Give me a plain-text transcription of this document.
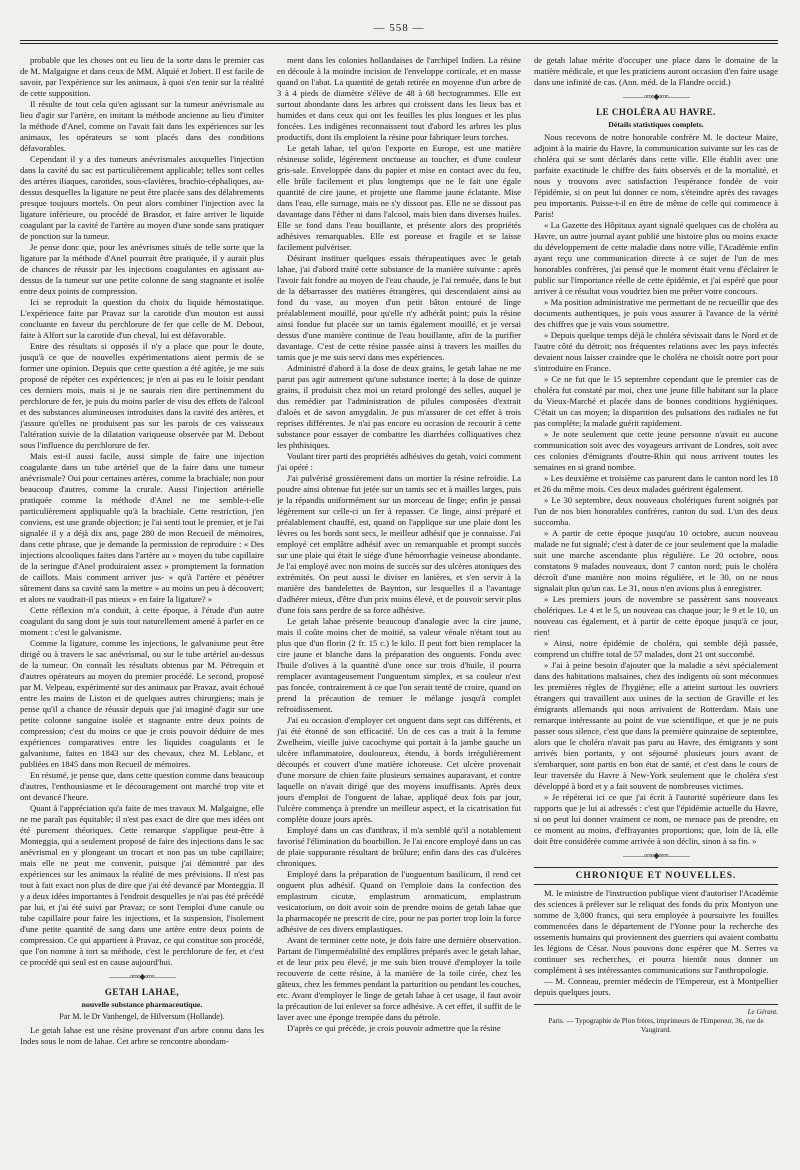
— 558 —

probable que les choses ont eu lieu de la sorte dans le premier cas de M. Malgaigne et dans ceux de MM. Alquié et Jobert. Il est facile de savoir, par l'expérience sur les animaux, à quoi s'en tenir sur la réalité de cette supposition.

Il résulte de tout cela qu'en agissant sur la tumeur anévrismale au lieu d'agir sur l'artère, en imitant la méthode ancienne au lieu d'imiter la méthode d'Anel, comme on l'avait fait dans les expériences sur les animaux, les opérateurs se sont placés dans des conditions défavorables.

Cependant il y a des tumeurs anévrismales auxquelles l'injection dans la cavité du sac est particulièrement applicable; telles sont celles des artères iliaques, carotides, sous-clavières, brachio-céphaliques, au-dessus desquelles la ligature ne peut être placée sans des délabrements presque toujours mortels. On peut alors combiner l'injection avec la ligature inférieure, ou procédé de Brasdor, et faire arriver le liquide coagulant par la cavité de l'artère au moyen d'une sonde sans pratiquer de ponction sur la tumeur.

Je pense donc que, pour les anévrismes situés de telle sorte que la ligature par la méthode d'Anel pourrait être pratiquée, il y aurait plus de chances de réussir par les injections coagulantes en agissant au-dessus de la tumeur sur une petite colonne de sang stagnante et isolée entre deux points de compression.

Ici se reproduit la question du choix du liquide hémostatique. L'expérience faite par Pravaz sur la carotide d'un mouton est aussi concluante en faveur du perchlorure de fer que celle de M. Debout, faite à Alfort sur la carotide d'un cheval, lui est défavorable.

Entre des résultats si opposés il n'y a place que pour le doute, jusqu'à ce que de nouvelles expérimentations aient permis de se former une opinion. Depuis que cette question a été agitée, je me suis proposé de répéter ces expériences; je n'en ai pas eu le loisir pendant ces derniers mois, mais si je ne saurais rien dire pertinemment du perchlorure de fer, je puis du moins parler de visu des effets de l'alcool et des substances alumineuses introduites dans la cavité des artères, et j'assure qu'elles ne produisent pas sur les parois de ces vaisseaux l'altération suivie de la dilatation variqueuse observée par M. Debout sous l'influence du perchlorure de fer.

Mais est-il aussi facile, aussi simple de faire une injection coagulante dans un tube artériel que de la faire dans une tumeur anévrismale? Oui pour certaines artères, comme la brachiale; non pour beaucoup d'autres, comme la crurale. Aussi l'injection artérielle pratiquée comme la méthode d'Anel ne me semble-t-elle particulièrement appliquable qu'à la brachiale. Cette restriction, j'en conviens, est une grande objection; je l'ai senti tout le premier, et je l'ai signalée il y a déjà dix ans, page 280 de mon Recueil de mémoires, dans cette phrase, que je demande la permission de reproduire : « Des injections alcooliques faites dans l'artère au » moyen du tube capillaire de la seringue d'Anel produiraient assez » promptement la formation de caillots. Mais comment arriver jus- » qu'à l'artère et pénétrer sûrement dans sa cavité sans la mettre » au moins un peu à découvert; et alors ne vaudrait-il pas mieux » en faire la ligature? »

Cette réflexion m'a conduit, à cette époque, à l'étude d'un autre coagulant du sang dont je suis tout naturellement amené à parler en ce moment : c'est le galvanisme.

Comme la ligature, comme les injections, le galvanisme peut être dirigé ou à travers le sac anévrismal, ou sur le tube artériel au-dessus de la tumeur. On connaît les résultats obtenus par M. Pétrequin et d'autres opérateurs au moyen du premier procédé. Le second, proposé par M. Velpeau, expérimenté sur des animaux par Pravaz, avait échoué entre les mains de Liston et de quelques autres chirurgiens; mais je pense qu'il a chance de réussir depuis que j'ai imaginé d'agir sur une petite colonne sanguine isolée et stagnante entre deux points de compression; c'est du moins ce que je crois pouvoir déduire de mes expériences comparatives entre les liquides coagulants et le galvanisme, faites en 1843 sur des chevaux, chez M. Leblanc, et publiées en 1845 dans mon Recueil de mémoires.

En résumé, je pense que, dans cette question comme dans beaucoup d'autres, l'enthousiasme et le découragement ont marché trop vite et ont devancé l'heure.

Quant à l'appréciation qu'a faite de mes travaux M. Malgaigne, elle ne me paraît pas équitable; il n'est pas exact de dire que mes idées ont été purement théoriques. Cette remarque s'applique peut-être à Monteggia, qui a seulement proposé de faire des injections dans le sac anévrismal en y plongeant un trocart et non pas un tube capillaire; mais elle ne peut me convenir, puisque j'ai démontré par des expériences sur les animaux la réalité de mes prévisions. Il n'est pas tout à fait exact non plus de dire que j'ai été devancé par Monteggia. Il y a deux idées importantes à l'endroit desquelles je n'ai pas été précédé par lui, et j'ai été suivi par Pravaz; ce sont l'emploi d'une canule ou tube capillaire pour faire les injections, et la suspension, l'isolement d'une petite quantité de sang dans une artère entre deux points de compression. Ce qui appartient à Pravaz, ce qui constitue son procédé, que l'on nomme à tort sa méthode, c'est le perchlorure de fer, et c'est ce procédé qui seul est en cause aujourd'hui.

———∞∞◆∞∞———
GETAH LAHAE,
nouvelle substance pharmaceutique.
Par M. le Dr Vanhengel, de Hilversum (Hollande).

Le getah lahae est une résine provenant d'un arbre connu dans les Indes sous le nom de lahae. Cet arbre se rencontre abondam-

ment dans les colonies hollandaises de l'archipel Indien. La résine en découle à la moindre incision de l'enveloppe corticale, et en masse quand on l'abat. La quantité de getah retirée en moyenne d'un arbre de 3 à 4 pieds de diamètre s'élève de 48 à 68 hectogrammes. Elle est surtout abondante dans les arbres qui croissent dans les lieux bas et humides et dans ceux qui ont les feuilles les plus longues et les plus foncées. Les indigènes reconnaissent tout d'abord les arbres les plus productifs, dont ils emploient la résine pour fabriquer leurs torches.

Le getah lahae, tel qu'on l'exporte en Europe, est une matière résineuse solide, légèrement onctueuse au toucher, et d'une couleur gris-sale. Enveloppée dans du papier et mise en contact avec du feu, elle brûle facilement et plus longtemps que ne le fait une égale quantité de cire jaune, et projette une flamme jaune éclatante. Mise dans l'eau, elle surnage, mais ne s'y dissout pas. Elle ne se dissout pas davantage dans l'éther ni dans l'alcool, mais bien dans diverses huiles. Elle se fond dans l'eau bouillante, et présente alors des propriétés adhésives remarquables. Elle est poreuse et fragile et se laisse facilement pulvériser.

Désirant instituer quelques essais thérapeutiques avec le getah lahae, j'ai d'abord traité cette substance de la manière suivante : après l'avoir fait fondre au moyen de l'eau chaude, je l'ai remuée, dans le but de la débarrasser des matières étrangères, qui descendaient ainsi au fond du vase, au moyen d'un petit bâton entouré de linge préalablement mouillé, pour qu'elle n'y adhérât point; puis la résine ainsi fondue fut placée sur un tamis également mouillé, et je versai dessus d'une manière continue de l'eau bouillante, afin de la purifier davantage. C'est de cette résine passée ainsi à travers les mailles du tamis que je me suis servi dans mes expériences.

Administré d'abord à la dose de deux grains, le getah lahae ne me parut pas agir autrement qu'une substance inerte; à la dose de quinze grains, il produisit chez moi un retard prolongé des selles, auquel je dus remédier par l'administration de pilules composées d'extrait d'aloès et de savon amygdalin. Je pus m'assurer de cet effet à trois reprises différentes. Je n'ai pas encore eu occasion de recourir à cette substance pour essayer de combattre les diarrhées colliquatives chez les phthisiques.

Voulant tirer parti des propriétés adhésives du getah, voici comment j'ai opéré :

J'ai pulvérisé grossièrement dans un mortier la résine refroidie. La poudre ainsi obtenue fut jetée sur un tamis sec et à mailles larges, puis je la répandis uniformément sur un morceau de linge; enfin je passai légèrement sur celle-ci un fer à repasser. Ce linge, ainsi préparé et préalablement chauffé, est, quand on l'applique sur une plaie dont les lèvres ou les bords sont secs, le meilleur adhésif que je connaisse. J'ai employé cet emplâtre adhésif avec un remarquable et prompt succès sur une plaie qui était le siége d'une hémorrhagie veineuse abondante. Je l'ai employé avec non moins de succès sur des ulcères atoniques des extrémités. On peut aussi le diviser en lanières, et s'en servir à la manière des bandelettes de Baynton, sur lesquelles il a l'avantage d'adhérer mieux, d'être d'un prix moins élevé, et de pouvoir servir plus d'une fois sans perdre de sa force adhésive.

Le getah lahae présente beaucoup d'analogie avec la cire jaune, mais il coûte moins cher de moitié, sa valeur vénale n'étant tout au plus que d'un florin (2 fr. 15 c.) le kilo. Il peut fort bien remplacer la cire jaune et blanche dans la préparation des onguents. Fondu avec l'huile d'olives à la quantité d'une once sur trois d'huile, il pourra remplacer avantageusement l'unguentum simplex, et sa couleur n'est pas foncée, contrairement à ce que l'on serait tenté de croire, quand on prend la précaution de remuer le mélange jusqu'à complet refroidissement.

J'ai eu occasion d'employer cet onguent dans sept cas différents, et j'ai été étonné de son efficacité. Un de ces cas a trait à la femme Zwelheim, vieille juive cacochyme qui portait à la jambe gauche un ulcère inflammatoire, douloureux, étendu, à bords irrégulièrement découpés et couvert d'une matière ichoreuse. Cet ulcère provenait d'une morsure de chien faite plusieurs semaines auparavant, et contre laquelle on n'avait dirigé que des moyens insuffisants. Après deux jours d'emploi de l'onguent de lahae, appliqué deux fois par jour, l'ulcère commença à prendre un meilleur aspect, et la cicatrisation fut complète douze jours après.

Employé dans un cas d'anthrax, il m'a semblé qu'il a notablement favorisé l'élimination du bourbillon. Je l'ai encore employé dans un cas de plaie suppurante résultant de brûlure; enfin dans des cas d'ulcères chroniques.

Employé dans la préparation de l'unguentum basilicum, il rend cet onguent plus adhésif. Quand on l'emploie dans la confection des emplastrum cicutæ, emplastrum aromaticum, emplastrum vesicatorium, on doit avoir soin de prendre moins de getah lahae que la pharmacopée ne prescrit de cire, pour ne pas porter trop loin la force adhésive de ces divers emplastiques.

Avant de terminer cette note, je dois faire une dernière observation. Partant de l'imperméabilité des emplâtres préparés avec le getah lahae, et de leur prix peu élevé, je me suis bien trouvé d'employer la toile recouverte de cette résine, à la manière de la toile cirée, chez les gâteux, chez les femmes pendant la parturition ou pendant les couches, etc. Avant d'employer le linge de getah lahae à cet usage, il faut avoir la précaution de lui enlever sa force adhésive. A cet effet, il suffit de le laver avec une éponge trempée dans du pétrole.

D'après ce qui précède, je crois pouvoir admettre que la résine

de getah lahae mérite d'occuper une place dans le domaine de la matière médicale, et que les praticiens auront occasion d'en faire usage dans une infinité de cas. (Ann. méd. de la Flandre occid.)

———∞∞◆∞∞———
LE CHOLÉRA AU HAVRE.
Détails statistiques complets.

Nous recevons de notre honorable confrère M. le docteur Maire, adjoint à la mairie du Havre, la communication suivante sur les cas de choléra qui se sont déclarés dans cette ville. Elle établit avec une parfaite exactitude le chiffre des faits observés et de la mortalité, et nous y trouvons avec satisfaction l'espérance fondée de voir l'épidémie, si on peut lui donner ce nom, s'éteindre après des ravages peu importants. Puisse-t-il en être de même de celle qui commence à Paris!

« La Gazette des Hôpitaux ayant signalé quelques cas de choléra au Havre, un autre journal ayant publié une histoire plus ou moins exacte du développement de cette maladie dans notre ville, l'Académie enfin ayant reçu une communication directe à ce sujet de l'un de mes honorables confrères, j'ai pensé que le moment était venu d'éclairer le public sur l'importance réelle de cette épidémie, et j'ai espéré que pour arriver à ce résultat vous voudriez bien me prêter votre concours.

» Ma position administrative me permettant de ne recueillir que des documents authentiques, je puis vous assurer à l'avance de la vérité des chiffres que je vais vous soumettre.

» Depuis quelque temps déjà le choléra sévissait dans le Nord et de l'autre côté du détroit; nos fréquentes relations avec les pays infectés devaient nous laisser craindre que le choléra ne choisît notre port pour s'introduire en France.

» Ce ne fut que le 15 septembre cependant que le premier cas de choléra fut constaté par moi, chez une jeune fille habitant sur la place du Vieux-Marché et placée dans de bonnes conditions hygiéniques. C'était un cas moyen; la disparition des pulsations des radiales ne fut pas complète; la malade guérit rapidement.

» Je note seulement que cette jeune personne n'avait eu aucune communication soit avec des voyageurs arrivant de Londres, soit avec ces colonies d'émigrants d'outre-Rhin qui nous arrivent toutes les semaines en si grand nombre.

» Les deuxième et troisième cas parurent dans le canton nord les 18 et 26 du même mois. Ces deux malades guérirent également.

» Le 30 septembre, deux nouveaux cholériques furent soignés par l'un de nos bien honorables confrères, canton du sud. L'un des deux succomba.

» A partir de cette époque jusqu'au 10 octobre, aucun nouveau malade ne fut signalé; c'est à dater de ce jour seulement que la maladie suit une marche ascendante plus régulière. Le 20 octobre, nous constatons 9 malades nouveaux, dont 7 canton nord; puis le choléra décroît d'une manière non moins régulière, et le 30, on ne nous signalait plus qu'un cas. Le 31, nous n'en avions plus à enregistrer.

» Les premiers jours de novembre se passèrent sans nouveaux cholériques. Le 4 et le 5, un nouveau cas chaque jour; le 9 et le 10, un nouveau cas également, et à partir de cette époque jusqu'à ce jour, rien!

» Ainsi, notre épidémie de choléra, qui semble déjà passée, comprend un chiffre total de 57 malades, dont 21 ont succombé.

» J'ai à peine besoin d'ajouter que la maladie a sévi spécialement dans des habitations malsaines, chez des indigents où sont méconnues les premières règles de l'hygiène; elle a atteint surtout les ouvriers étrangers qui travaillent aux usines de la section de Graville et les émigrants allemands qui nous arrivaient de Rotterdam. Mais une remarque intéressante au point de vue scientifique, et que je ne puis passer sous silence, c'est que dans la première quinzaine de septembre, alors que le choléra n'avait pas paru au Havre, des émigrants y sont arrivés bien portants, y ont séjourné plusieurs jours avant de s'embarquer, sont partis en bon état de santé, et c'est dans le cours de leur traversée du Havre à New-York seulement que le choléra s'est développé à bord et y a fait souvent de nombreuses victimes.

» Je répéterai ici ce que j'ai écrit à l'autorité supérieure dans les rapports que je lui ai adressés : c'est que l'épidémie actuelle du Havre, si on peut lui donner vraiment ce nom, ne menace pas de prendre, en ce moment au moins, d'effrayantes proportions; que, loin de là, elle doit être considérée comme arrivée à son déclin, sinon à sa fin. »

———∞∞◆∞∞———
CHRONIQUE ET NOUVELLES.

M. le ministre de l'instruction publique vient d'autoriser l'Académie des sciences à prélever sur le reliquat des fonds du prix Montyon une somme de 3,000 francs, qui sera employée à poursuivre les fouilles commencées dans le département de l'Yonne pour la recherche des ossements humains qui proviennent des guerriers qui avaient combattu les légions de César. Nous pouvons donc espérer que M. Serres va continuer ses recherches, et pourra bientôt nous donner un complément à ses intéressantes communications sur l'anthropologie.

— M. Conneau, premier médecin de l'Empereur, est à Montpellier depuis quelques jours.

Le Gérant.
Paris. — Typographie de Plon frères, imprimeurs de l'Empereur, 36, rue de Vaugirard.
